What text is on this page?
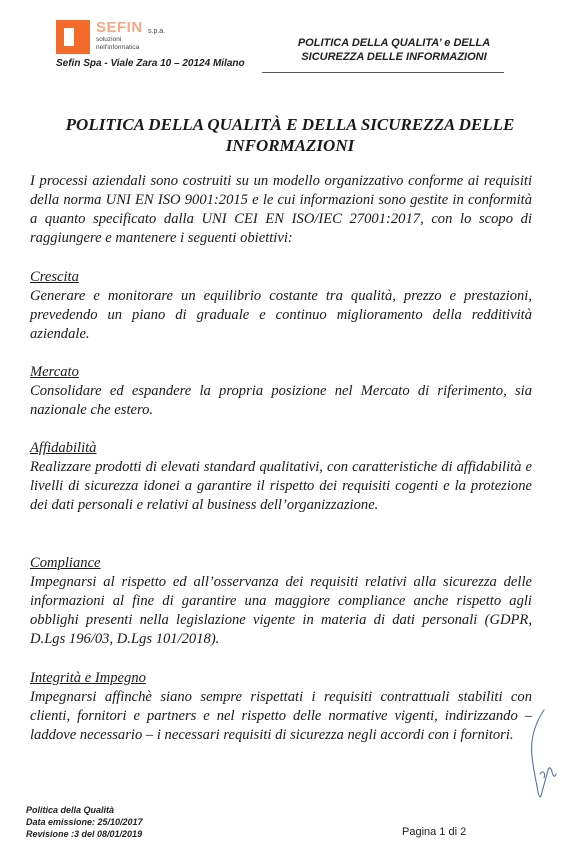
SEFIN s.p.a.
soluzioni
nell'informatica
Sefin Spa - Viale Zara 10 – 20124 Milano
POLITICA DELLA QUALITA’ e DELLA
SICUREZZA DELLE INFORMAZIONI
POLITICA DELLA QUALITÀ E DELLA SICUREZZA DELLE
INFORMAZIONI

I processi aziendali sono costruiti su un modello organizzativo conforme ai requisiti della norma UNI EN ISO 9001:2015 e le cui informazioni sono gestite in conformità a quanto specificato dalla UNI CEI EN ISO/IEC 27001:2017, con lo scopo di raggiungere e mantenere i seguenti obiettivi:

Crescita

Generare e monitorare un equilibrio costante tra qualità, prezzo e prestazioni, prevedendo un piano di graduale e continuo miglioramento della redditività aziendale.

Mercato

Consolidare ed espandere la propria posizione nel Mercato di riferimento, sia nazionale che estero.

Affidabilità

Realizzare prodotti di elevati standard qualitativi, con caratteristiche di affidabilità e livelli di sicurezza idonei a garantire il rispetto dei requisiti cogenti e la protezione dei dati personali e relativi al business dell’organizzazione.

Compliance

Impegnarsi al rispetto ed all’osservanza dei requisiti relativi alla sicurezza delle informazioni al fine di garantire una maggiore compliance anche rispetto agli obblighi presenti nella legislazione vigente in materia di dati personali (GDPR, D.Lgs 196/03, D.Lgs 101/2018).

Integrità e Impegno

Impegnarsi affinchè siano sempre rispettati i requisiti contrattuali stabiliti con clienti, fornitori e partners e nel rispetto delle normative vigenti, indirizzando – laddove necessario – i necessari requisiti di sicurezza negli accordi con i fornitori.

Politica della Qualità
Data emissione: 25/10/2017
Revisione :3 del 08/01/2019	Pagina 1 di 2
